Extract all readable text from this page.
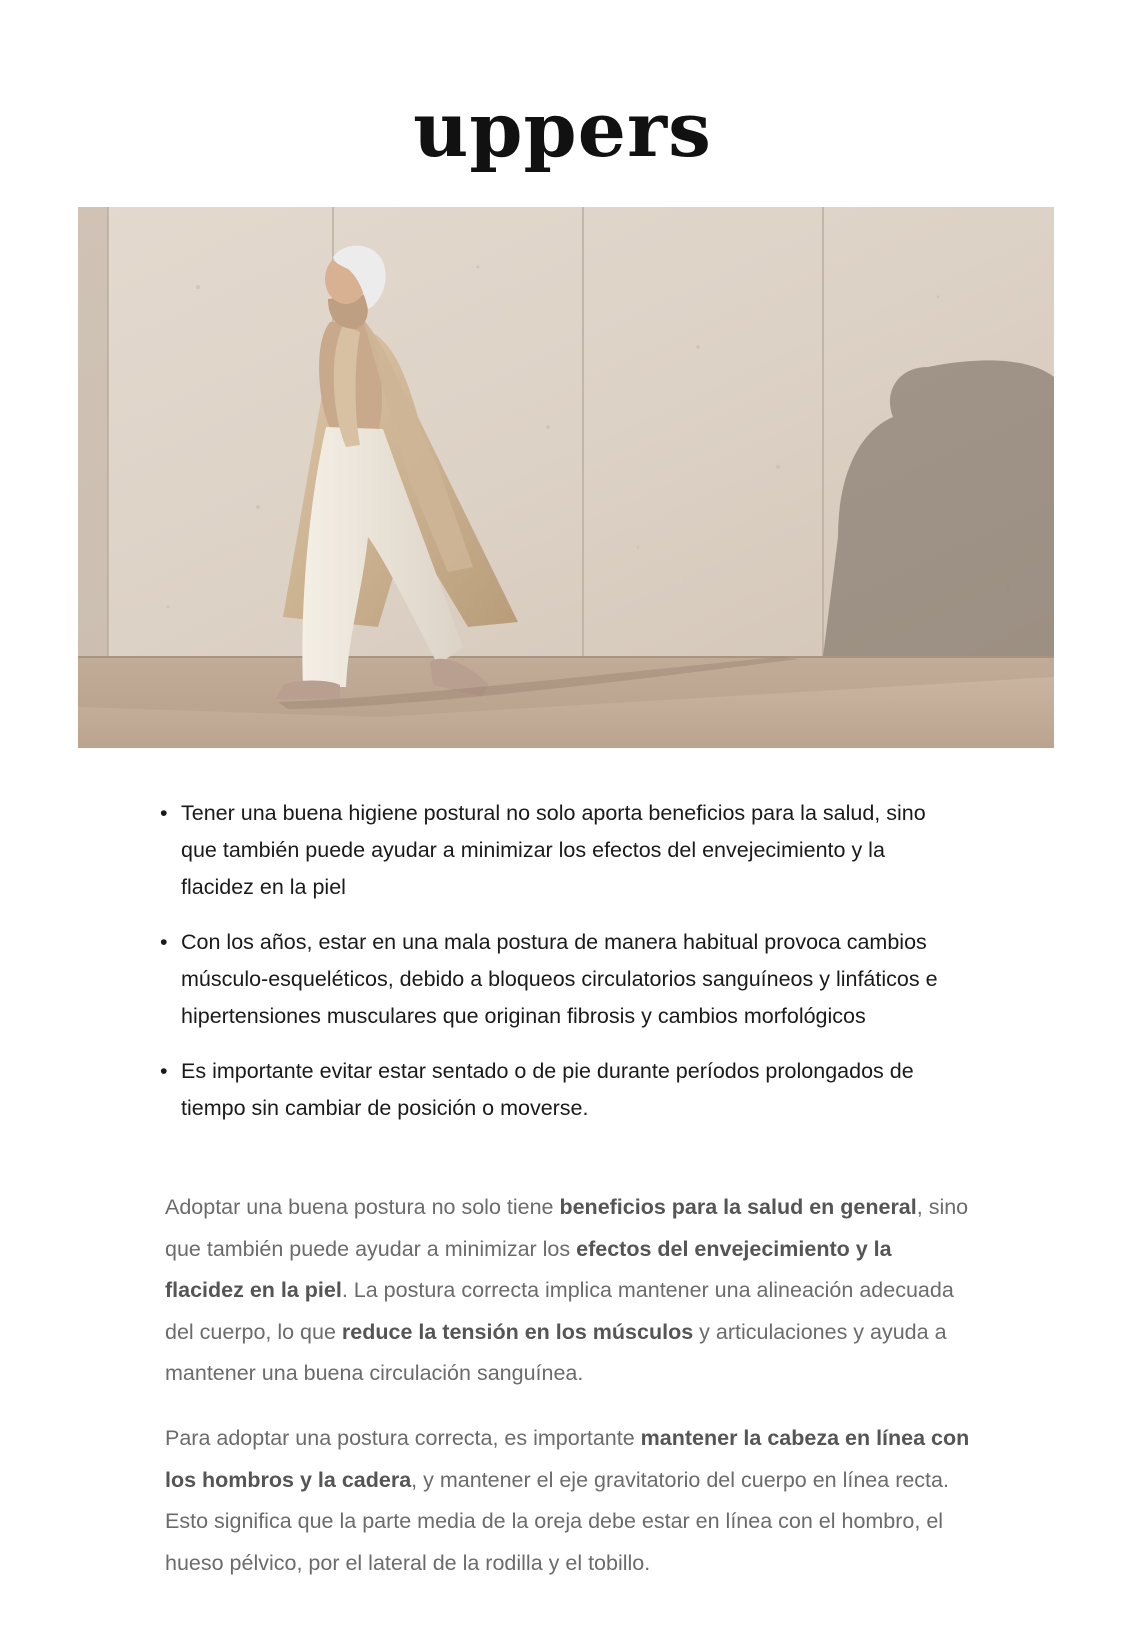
uppers
• Tener una buena higiene postural no solo aporta beneficios para la salud, sino que también puede ayudar a minimizar los efectos del envejecimiento y la flacidez en la piel
• Con los años, estar en una mala postura de manera habitual provoca cambios músculo-esqueléticos, debido a bloqueos circulatorios sanguíneos y linfáticos e hipertensiones musculares que originan fibrosis y cambios morfológicos
• Es importante evitar estar sentado o de pie durante períodos prolongados de tiempo sin cambiar de posición o moverse.

Adoptar una buena postura no solo tiene beneficios para la salud en general, sino que también puede ayudar a minimizar los efectos del envejecimiento y la flacidez en la piel. La postura correcta implica mantener una alineación adecuada del cuerpo, lo que reduce la tensión en los músculos y articulaciones y ayuda a mantener una buena circulación sanguínea.

Para adoptar una postura correcta, es importante mantener la cabeza en línea con los hombros y la cadera, y mantener el eje gravitatorio del cuerpo en línea recta. Esto significa que la parte media de la oreja debe estar en línea con el hombro, el hueso pélvico, por el lateral de la rodilla y el tobillo.
